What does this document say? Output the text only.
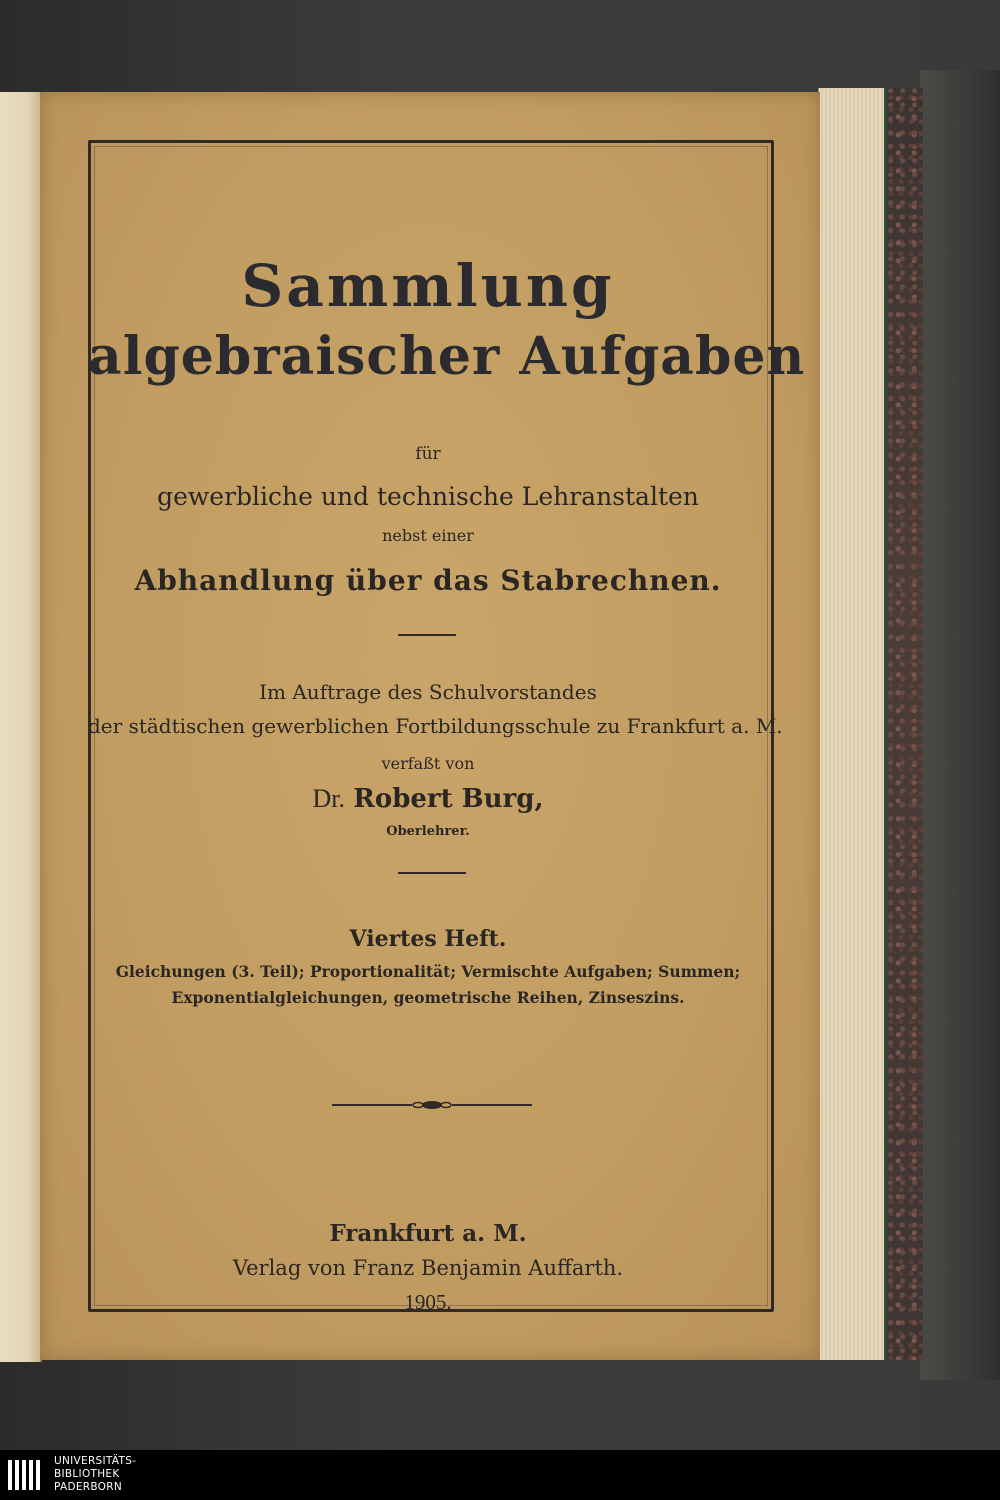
Sammlung
algebraischer Aufgaben
für
gewerbliche und technische Lehranstalten
nebst einer
Abhandlung über das Stabrechnen.
Im Auftrage des Schulvorstandes
der städtischen gewerblichen Fortbildungsschule zu Frankfurt a. M.
verfaßt von
Dr. Robert Burg,
Oberlehrer.
Viertes Heft.
Gleichungen (3. Teil); Proportionalität; Vermischte Aufgaben; Summen;
Exponentialgleichungen, geometrische Reihen, Zinseszins.
Frankfurt a. M.
Verlag von Franz Benjamin Auffarth.
1905.
UNIVERSITÄTS-
BIBLIOTHEK
PADERBORN
